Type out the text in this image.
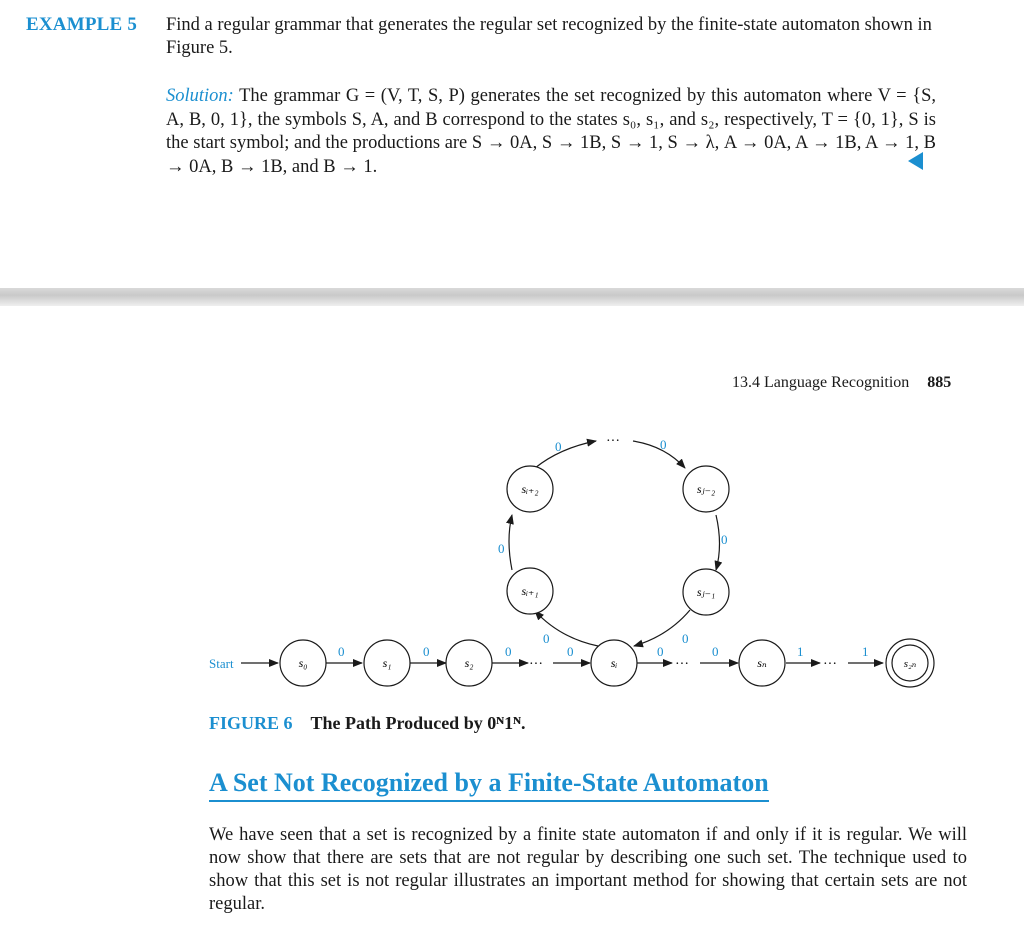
EXAMPLE 5 Find a regular grammar that generates the regular set recognized by the finite-state automaton shown in Figure 5.
Solution: The grammar G = (V, T, S, P) generates the set recognized by this automaton where V = {S, A, B, 0, 1}, the symbols S, A, and B correspond to the states s₀, s₁, and s₂, respectively, T = {0, 1}, S is the start symbol; and the productions are S → 0A, S → 1B, S → 1, S → λ, A → 0A, A → 1B, A → 1, B → 0A, B → 1B, and B → 1.
13.4 Language Recognition 885
Start
0	0	0
···
0	0
···
0	1
···
1
0
0
0	···	0
0
0
s₀	s₁	s₂	sᵢ	sₙ	s₂ₙ
sᵢ₊₁
sᵢ₊₂	sⱼ₋₂
sⱼ₋₁
FIGURE 6 The Path Produced by 0ᴺ1ᴺ.
A Set Not Recognized by a Finite-State Automaton
We have seen that a set is recognized by a finite state automaton if and only if it is regular. We will now show that there are sets that are not regular by describing one such set. The technique used to show that this set is not regular illustrates an important method for showing that certain sets are not regular.
